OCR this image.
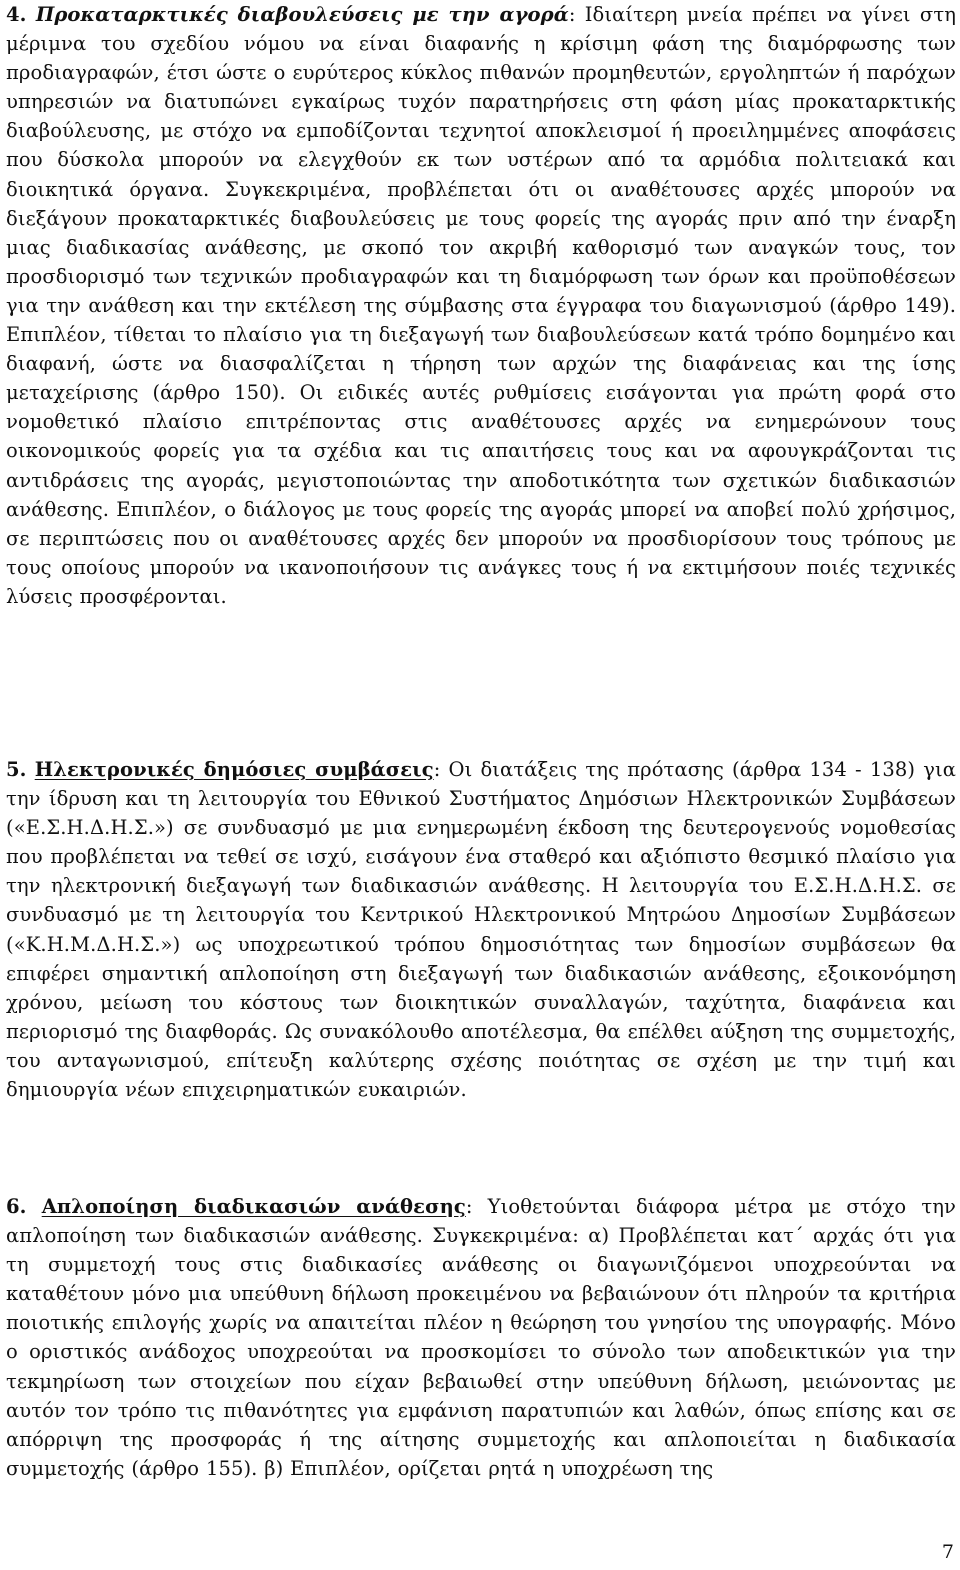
4. Προκαταρκτικές διαβουλεύσεις με την αγορά: Ιδιαίτερη μνεία πρέπει να γίνει στη μέριμνα του σχεδίου νόμου να είναι διαφανής η κρίσιμη φάση της διαμόρφωσης των προδιαγραφών, έτσι ώστε ο ευρύτερος κύκλος πιθανών προμηθευτών, εργοληπτών ή παρόχων υπηρεσιών να διατυπώνει εγκαίρως τυχόν παρατηρήσεις στη φάση μίας προκαταρκτικής διαβούλευσης, με στόχο να εμποδίζονται τεχνητοί αποκλεισμοί ή προειλημμένες αποφάσεις που δύσκολα μπορούν να ελεγχθούν εκ των υστέρων από τα αρμόδια πολιτειακά και διοικητικά όργανα. Συγκεκριμένα, προβλέπεται ότι οι αναθέτουσες αρχές μπορούν να διεξάγουν προκαταρκτικές διαβουλεύσεις με τους φορείς της αγοράς πριν από την έναρξη μιας διαδικασίας ανάθεσης, με σκοπό τον ακριβή καθορισμό των αναγκών τους, τον προσδιορισμό των τεχνικών προδιαγραφών και τη διαμόρφωση των όρων και προϋποθέσεων για την ανάθεση και την εκτέλεση της σύμβασης στα έγγραφα του διαγωνισμού (άρθρο 149). Επιπλέον, τίθεται το πλαίσιο για τη διεξαγωγή των διαβουλεύσεων κατά τρόπο δομημένο και διαφανή, ώστε να διασφαλίζεται η τήρηση των αρχών της διαφάνειας και της ίσης μεταχείρισης (άρθρο 150). Οι ειδικές αυτές ρυθμίσεις εισάγονται για πρώτη φορά στο νομοθετικό πλαίσιο επιτρέποντας στις αναθέτουσες αρχές να ενημερώνουν τους οικονομικούς φορείς για τα σχέδια και τις απαιτήσεις τους και να αφουγκράζονται τις αντιδράσεις της αγοράς, μεγιστοποιώντας την αποδοτικότητα των σχετικών διαδικασιών ανάθεσης. Επιπλέον, ο διάλογος με τους φορείς της αγοράς μπορεί να αποβεί πολύ χρήσιμος, σε περιπτώσεις που οι αναθέτουσες αρχές δεν μπορούν να προσδιορίσουν τους τρόπους με τους οποίους μπορούν να ικανοποιήσουν τις ανάγκες τους ή να εκτιμήσουν ποιές τεχνικές λύσεις προσφέρονται.

5. Ηλεκτρονικές δημόσιες συμβάσεις: Οι διατάξεις της πρότασης (άρθρα 134 - 138) για την ίδρυση και τη λειτουργία του Εθνικού Συστήματος Δημόσιων Ηλεκτρονικών Συμβάσεων («Ε.Σ.Η.Δ.Η.Σ.») σε συνδυασμό με μια ενημερωμένη έκδοση της δευτερογενούς νομοθεσίας που προβλέπεται να τεθεί σε ισχύ, εισάγουν ένα σταθερό και αξιόπιστο θεσμικό πλαίσιο για την ηλεκτρονική διεξαγωγή των διαδικασιών ανάθεσης. Η λειτουργία του Ε.Σ.Η.Δ.Η.Σ. σε συνδυασμό με τη λειτουργία του Κεντρικού Ηλεκτρονικού Μητρώου Δημοσίων Συμβάσεων («Κ.Η.Μ.Δ.Η.Σ.») ως υποχρεωτικού τρόπου δημοσιότητας των δημοσίων συμβάσεων θα επιφέρει σημαντική απλοποίηση στη διεξαγωγή των διαδικασιών ανάθεσης, εξοικονόμηση χρόνου, μείωση του κόστους των διοικητικών συναλλαγών, ταχύτητα, διαφάνεια και περιορισμό της διαφθοράς. Ως συνακόλουθο αποτέλεσμα, θα επέλθει αύξηση της συμμετοχής, του ανταγωνισμού, επίτευξη καλύτερης σχέσης ποιότητας σε σχέση με την τιμή και δημιουργία νέων επιχειρηματικών ευκαιριών.

6. Απλοποίηση διαδικασιών ανάθεσης: Υιοθετούνται διάφορα μέτρα με στόχο την απλοποίηση των διαδικασιών ανάθεσης. Συγκεκριμένα: α) Προβλέπεται κατ΄ αρχάς ότι για τη συμμετοχή τους στις διαδικασίες ανάθεσης οι διαγωνιζόμενοι υποχρεούνται να καταθέτουν μόνο μια υπεύθυνη δήλωση προκειμένου να βεβαιώνουν ότι πληρούν τα κριτήρια ποιοτικής επιλογής χωρίς να απαιτείται πλέον η θεώρηση του γνησίου της υπογραφής. Μόνο ο οριστικός ανάδοχος υποχρεούται να προσκομίσει το σύνολο των αποδεικτικών για την τεκμηρίωση των στοιχείων που είχαν βεβαιωθεί στην υπεύθυνη δήλωση, μειώνοντας με αυτόν τον τρόπο τις πιθανότητες για εμφάνιση παρατυπιών και λαθών, όπως επίσης και σε απόρριψη της προσφοράς ή της αίτησης συμμετοχής και απλοποιείται η διαδικασία συμμετοχής (άρθρο 155). β) Επιπλέον, ορίζεται ρητά η υποχρέωση της

7
